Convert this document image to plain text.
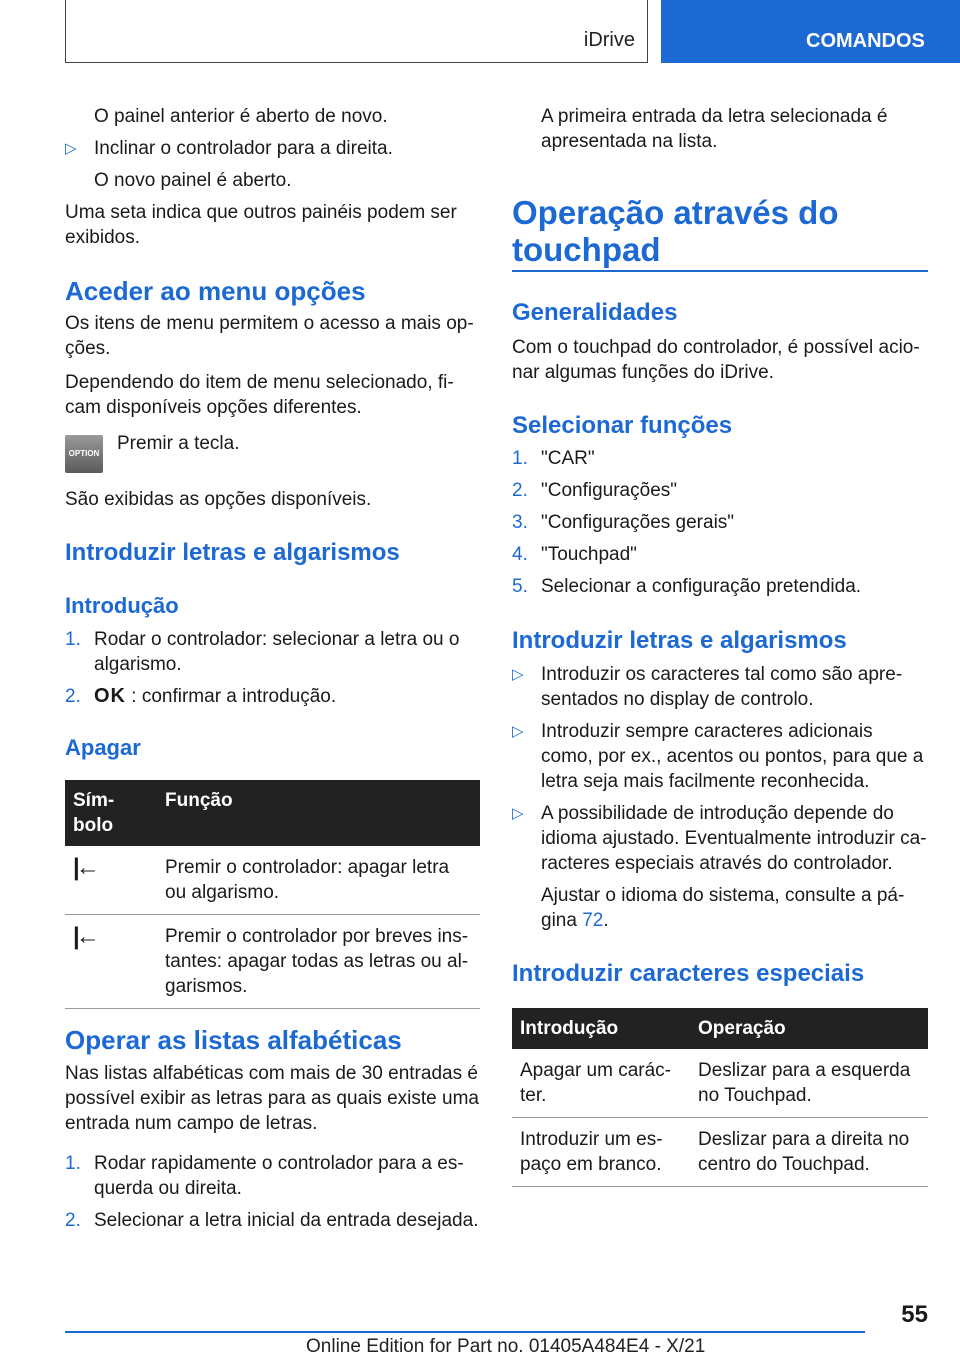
iDrive	COMANDOS

O painel anterior é aberto de novo.

▷ Inclinar o controlador para a direita.

O novo painel é aberto.

Uma seta indica que outros painéis podem ser exibidos.

Aceder ao menu opções

Os itens de menu permitem o acesso a mais op-ções.

Dependendo do item de menu selecionado, fi-cam disponíveis opções diferentes.

OPTION Premir a tecla.

São exibidas as opções disponíveis.

Introduzir letras e algarismos
Introdução
1. Rodar o controlador: selecionar a letra ou o algarismo.
2. OK : confirmar a introdução.
Apagar
Sím-bolo	Função
|←	Premir o controlador: apagar letra ou algarismo.
|←	Premir o controlador por breves ins-tantes: apagar todas as letras ou al-garismos.
Operar as listas alfabéticas

Nas listas alfabéticas com mais de 30 entradas é possível exibir as letras para as quais existe uma entrada num campo de letras.

1. Rodar rapidamente o controlador para a es-querda ou direita.
2. Selecionar a letra inicial da entrada desejada.

A primeira entrada da letra selecionada é apresentada na lista.

Operação através do touchpad
Generalidades

Com o touchpad do controlador, é possível acio-nar algumas funções do iDrive.

Selecionar funções
1. "CAR"
2. "Configurações"
3. "Configurações gerais"
4. "Touchpad"
5. Selecionar a configuração pretendida.
Introduzir letras e algarismos
▷ Introduzir os caracteres tal como são apre-sentados no display de controlo.
▷ Introduzir sempre caracteres adicionais como, por ex., acentos ou pontos, para que a letra seja mais facilmente reconhecida.
▷ A possibilidade de introdução depende do idioma ajustado. Eventualmente introduzir ca-racteres especiais através do controlador.

Ajustar o idioma do sistema, consulte a pá-gina 72.

Introduzir caracteres especiais
Introdução	Operação
Apagar um carác-ter.	Deslizar para a esquerda no Touchpad.
Introduzir um es-paço em branco.	Deslizar para a direita no centro do Touchpad.
55
Online Edition for Part no. 01405A484E4 - X/21
